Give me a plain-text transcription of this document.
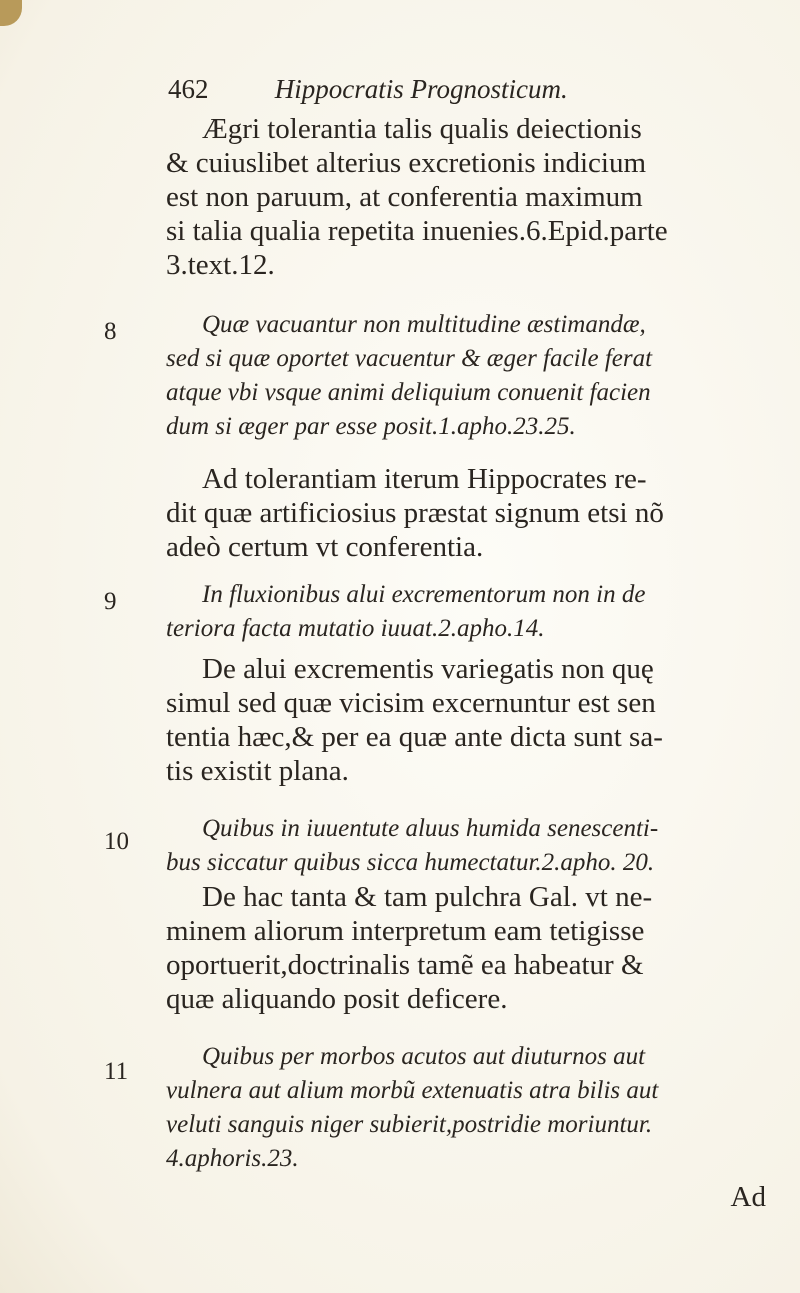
462 Hippocratis Prognosticum.
Ægri tolerantia talis qualis deiectionis
& cuiuslibet alterius excretionis indicium
est non paruum, at conferentia maximum
si talia qualia repetita inuenies.6.Epid.parte
3.text.12.
8	Quæ vacuantur non multitudine æstimandæ,
sed si quæ oportet vacuentur & æger facile ferat
atque vbi vsque animi deliquium conuenit facien
dum si æger par esse posit.1.apho.23.25.
Ad tolerantiam iterum Hippocrates re-
dit quæ artificiosius præstat signum etsi nõ
adeò certum vt conferentia.
9	In fluxionibus alui excrementorum non in de
teriora facta mutatio iuuat.2.apho.14.
De alui excrementis variegatis non quę
simul sed quæ vicisim excernuntur est sen
tentia hæc,& per ea quæ ante dicta sunt sa-
tis existit plana.
10	Quibus in iuuentute aluus humida senescenti-
bus siccatur quibus sicca humectatur.2.apho. 20.
De hac tanta & tam pulchra Gal. vt ne-
minem aliorum interpretum eam tetigisse
oportuerit,doctrinalis tamẽ ea habeatur &
quæ aliquando posit deficere.
11
Quibus per morbos acutos aut diuturnos aut
vulnera aut alium morbũ extenuatis atra bilis aut
veluti sanguis niger subierit,postridie moriuntur.
4.aphoris.23.
Ad
